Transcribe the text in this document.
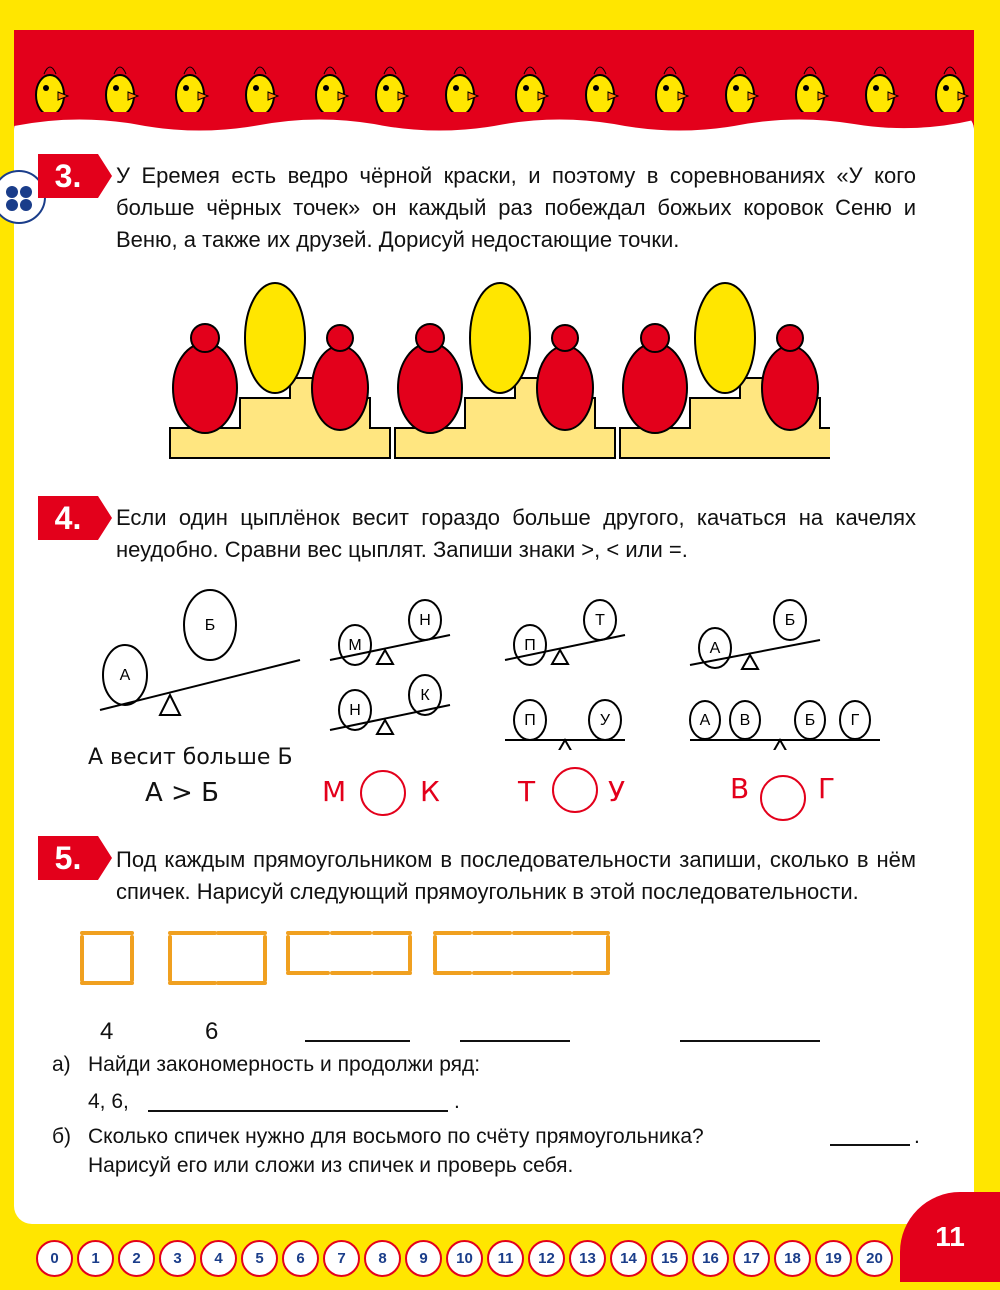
3.	У Еремея есть ведро чёрной краски, и поэтому в соревнованиях «У кого больше чёрных точек» он каждый раз побеждал божьих коровок Сеню и Веню, а также их друзей. Дорисуй недостающие точки.
4.	Если один цыплёнок весит гораздо больше другого, качаться на качелях неудобно. Сравни вес цыплят. Запиши знаки >, < или =.
А
Б
М
Н
Н
К
П
Т
П	У
А
Б
А В	Б Г
А весит больше Б
А > Б	М	К	Т	У	В Г
5.	Под каждым прямоугольником в последовательности запиши, сколько в нём спичек. Нарисуй следующий прямоугольник в этой последовательности.
4	6
а) Найди закономерность и продолжи ряд:
4, 6,	.
б) Сколько спичек нужно для восьмого по счёту прямоугольника?	.
Нарисуй его или сложи из спичек и проверь себя.
0	1	2	3	4	5	6	7	8	9	10	11	12	13	14	15	16	17	18	19	20
11
